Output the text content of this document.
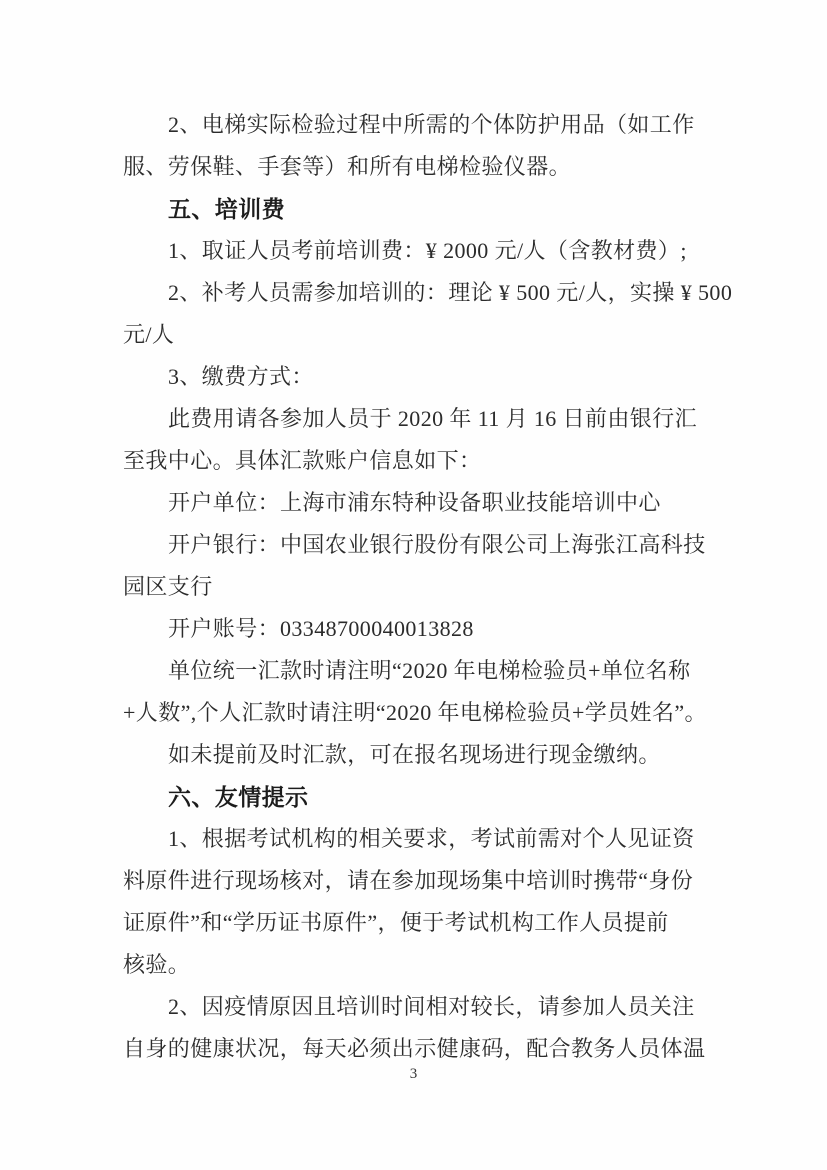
2、电梯实际检验过程中所需的个体防护用品（如工作
服、劳保鞋、手套等）和所有电梯检验仪器。
五、培训费
1、取证人员考前培训费：¥ 2000 元/人（含教材费）;
2、补考人员需参加培训的：理论 ¥ 500 元/人，实操 ¥ 500
元/人
3、缴费方式：
此费用请各参加人员于 2020 年 11 月 16 日前由银行汇
至我中心。具体汇款账户信息如下：
开户单位：上海市浦东特种设备职业技能培训中心
开户银行：中国农业银行股份有限公司上海张江高科技
园区支行
开户账号：03348700040013828
单位统一汇款时请注明“2020 年电梯检验员+单位名称
+人数”,个人汇款时请注明“2020 年电梯检验员+学员姓名”。
如未提前及时汇款，可在报名现场进行现金缴纳。
六、友情提示
1、根据考试机构的相关要求，考试前需对个人见证资
料原件进行现场核对，请在参加现场集中培训时携带“身份
证原件”和“学历证书原件”，便于考试机构工作人员提前
核验。
2、因疫情原因且培训时间相对较长，请参加人员关注
自身的健康状况，每天必须出示健康码，配合教务人员体温
3
